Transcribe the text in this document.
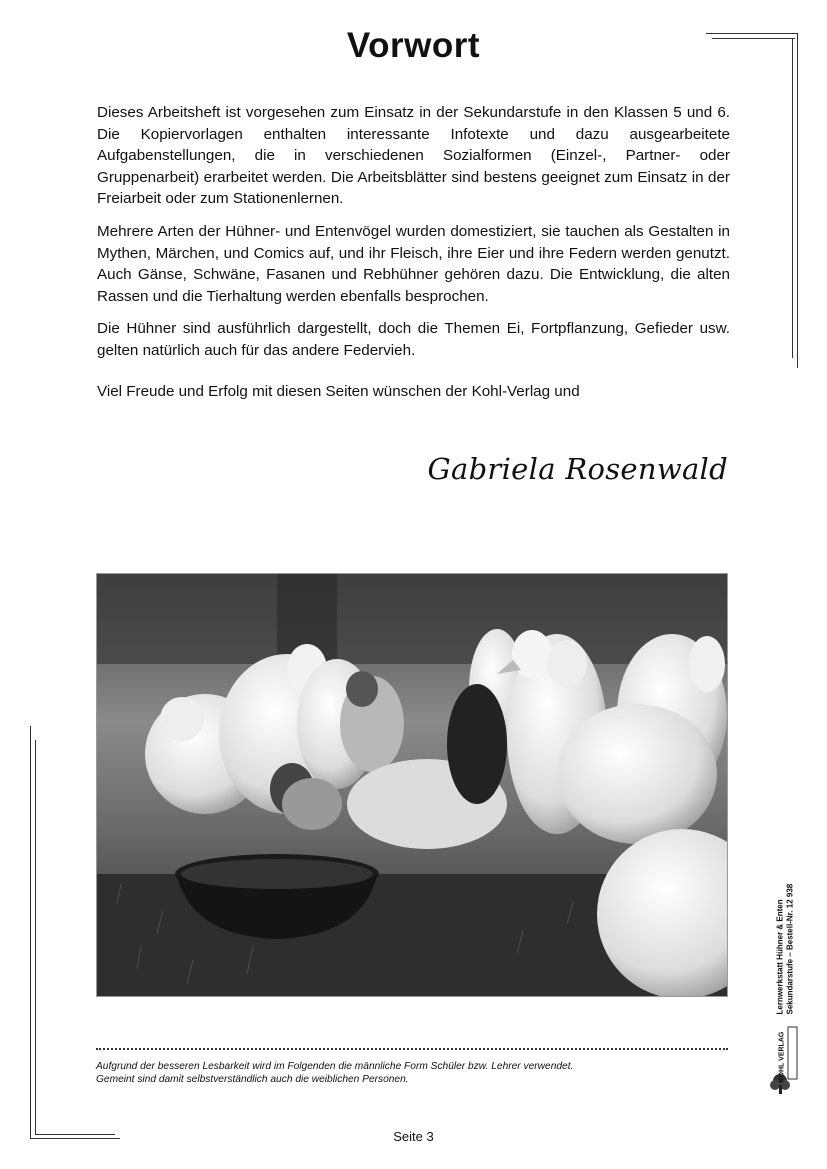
Vorwort

Dieses Arbeitsheft ist vorgesehen zum Einsatz in der Sekundarstufe in den Klassen 5 und 6. Die Kopiervorlagen enthalten interessante Infotexte und dazu ausgearbeitete Aufgabenstellungen, die in verschiedenen Sozialformen (Einzel-, Partner- oder Gruppenarbeit) erarbeitet werden. Die Arbeitsblätter sind bestens geeignet zum Einsatz in der Freiarbeit oder zum Stationenlernen.

Mehrere Arten der Hühner- und Entenvögel wurden domestiziert, sie tauchen als Gestalten in Mythen, Märchen, und Comics auf, und ihr Fleisch, ihre Eier und ihre Federn werden genutzt. Auch Gänse, Schwäne, Fasanen und Rebhühner gehören dazu. Die Entwicklung, die alten Rassen und die Tierhaltung werden ebenfalls besprochen.

Die Hühner sind ausführlich dargestellt, doch die Themen Ei, Fortpflanzung, Gefieder usw. gelten natürlich auch für das andere Federvieh.

Viel Freude und Erfolg mit diesen Seiten wünschen der Kohl-Verlag und

Gabriela Rosenwald
Aufgrund der besseren Lesbarkeit wird im Folgenden die männliche Form Schüler bzw. Lehrer verwendet.
Gemeint sind damit selbstverständlich auch die weiblichen Personen.
Lernwerkstatt Hühner & Enten Sekundarstufe – Bestell-Nr. 12 938
KOHL VERLAG
Seite 3
